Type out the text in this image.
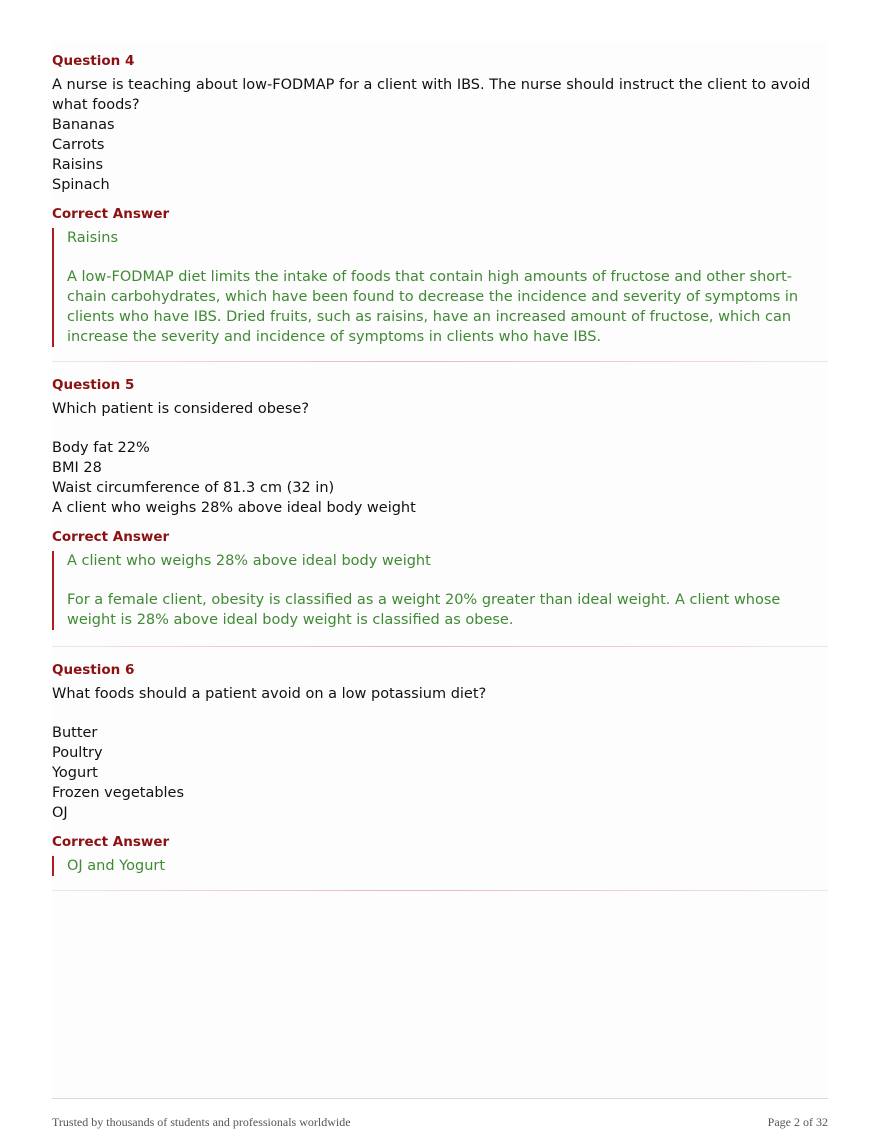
Question 4

A nurse is teaching about low-FODMAP for a client with IBS. The nurse should instruct the client to avoid what foods?

Bananas
Carrots
Raisins
Spinach
Correct Answer

Raisins

A low-FODMAP diet limits the intake of foods that contain high amounts of fructose and other short-chain carbohydrates, which have been found to decrease the incidence and severity of symptoms in clients who have IBS. Dried fruits, such as raisins, have an increased amount of fructose, which can increase the severity and incidence of symptoms in clients who have IBS.

Question 5

Which patient is considered obese?

Body fat 22%
BMI 28
Waist circumference of 81.3 cm (32 in)
A client who weighs 28% above ideal body weight
Correct Answer

A client who weighs 28% above ideal body weight

For a female client, obesity is classified as a weight 20% greater than ideal weight. A client whose weight is 28% above ideal body weight is classified as obese.

Question 6

What foods should a patient avoid on a low potassium diet?

Butter
Poultry
Yogurt
Frozen vegetables
OJ
Correct Answer

OJ and Yogurt

Trusted by thousands of students and professionals worldwide	Page 2 of 32
